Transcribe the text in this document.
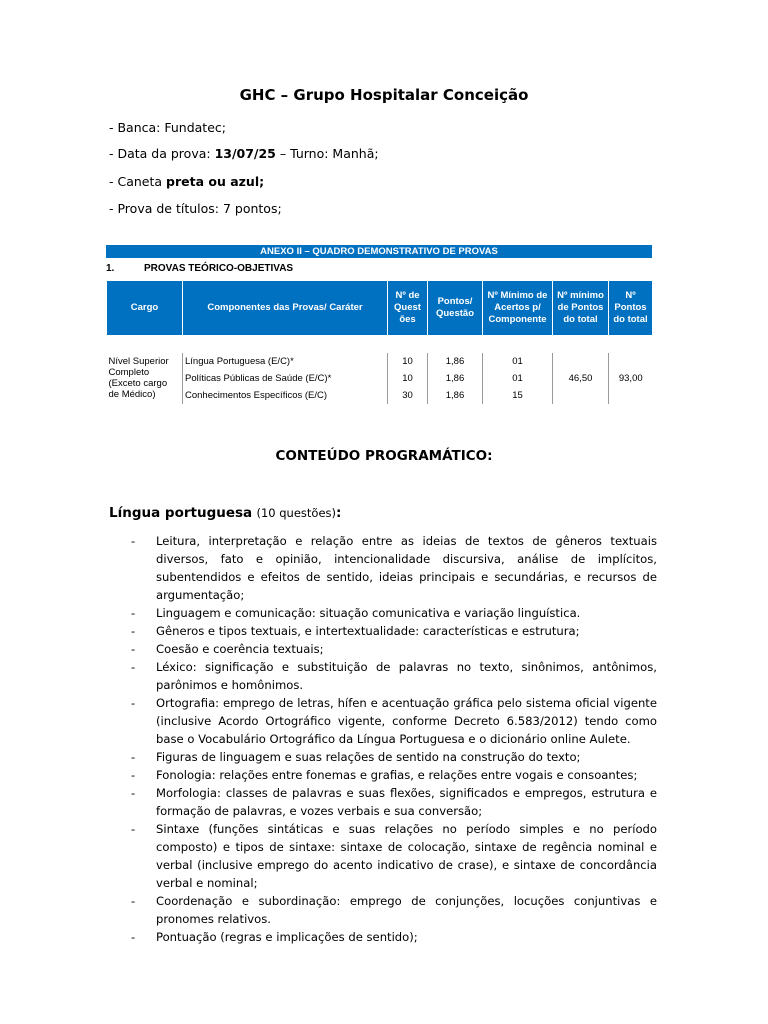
GHC – Grupo Hospitalar Conceição
- Banca: Fundatec;
- Data da prova: 13/07/25 – Turno: Manhã;
- Caneta preta ou azul;
- Prova de títulos: 7 pontos;
ANEXO II – QUADRO DEMONSTRATIVO DE PROVAS
1.	PROVAS TEÓRICO-OBJETIVAS
Cargo	Componentes das Provas/ Caráter	Nº de Quest ões	Pontos/ Questão	Nº Mínimo de Acertos p/ Componente	Nº mínimo de Pontos do total	Nº Pontos do total

Nível Superior Completo (Exceto cargo de Médico)	Língua Portuguesa (E/C)*	10	1,86	01	46,50	93,00
	Políticas Públicas de Saúde (E/C)*	10	1,86	01		
	Conhecimentos Específicos (E/C)	30	1,86	15		
CONTEÚDO PROGRAMÁTICO:
Língua portuguesa (10 questões):
- Leitura, interpretação e relação entre as ideias de textos de gêneros textuais diversos, fato e opinião, intencionalidade discursiva, análise de implícitos, subentendidos e efeitos de sentido, ideias principais e secundárias, e recursos de argumentação;
- Linguagem e comunicação: situação comunicativa e variação linguística.
- Gêneros e tipos textuais, e intertextualidade: características e estrutura;
- Coesão e coerência textuais;
- Léxico: significação e substituição de palavras no texto, sinônimos, antônimos, parônimos e homônimos.
- Ortografia: emprego de letras, hífen e acentuação gráfica pelo sistema oficial vigente (inclusive Acordo Ortográfico vigente, conforme Decreto 6.583/2012) tendo como base o Vocabulário Ortográfico da Língua Portuguesa e o dicionário online Aulete.
- Figuras de linguagem e suas relações de sentido na construção do texto;
- Fonologia: relações entre fonemas e grafias, e relações entre vogais e consoantes;
- Morfologia: classes de palavras e suas flexões, significados e empregos, estrutura e formação de palavras, e vozes verbais e sua conversão;
- Sintaxe (funções sintáticas e suas relações no período simples e no período composto) e tipos de sintaxe: sintaxe de colocação, sintaxe de regência nominal e verbal (inclusive emprego do acento indicativo de crase), e sintaxe de concordância verbal e nominal;
- Coordenação e subordinação: emprego de conjunções, locuções conjuntivas e pronomes relativos.
- Pontuação (regras e implicações de sentido);
